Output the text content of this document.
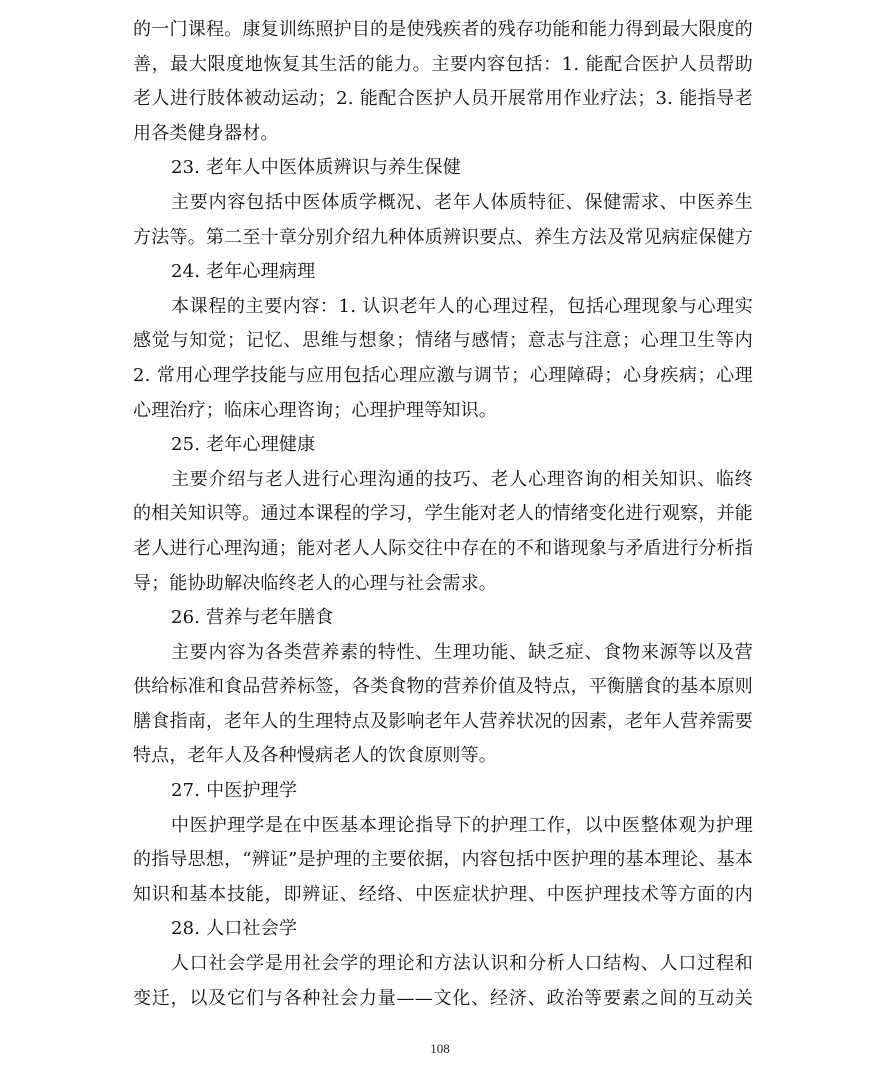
的一门课程。康复训练照护目的是使残疾者的残存功能和能力得到最大限度的
善，最大限度地恢复其生活的能力。主要内容包括：1. 能配合医护人员帮助
老人进行肢体被动运动；2. 能配合医护人员开展常用作业疗法；3. 能指导老
用各类健身器材。
23. 老年人中医体质辨识与养生保健
主要内容包括中医体质学概况、老年人体质特征、保健需求、中医养生
方法等。第二至十章分别介绍九种体质辨识要点、养生方法及常见病症保健方
24. 老年心理病理
本课程的主要内容：1. 认识老年人的心理过程，包括心理现象与心理实
感觉与知觉；记忆、思维与想象；情绪与感情；意志与注意；心理卫生等内
2. 常用心理学技能与应用包括心理应激与调节；心理障碍；心身疾病；心理
心理治疗；临床心理咨询；心理护理等知识。
25. 老年心理健康
主要介绍与老人进行心理沟通的技巧、老人心理咨询的相关知识、临终
的相关知识等。通过本课程的学习，学生能对老人的情绪变化进行观察，并能
老人进行心理沟通；能对老人人际交往中存在的不和谐现象与矛盾进行分析指
导；能协助解决临终老人的心理与社会需求。
26. 营养与老年膳食
主要内容为各类营养素的特性、生理功能、缺乏症、食物来源等以及营
供给标准和食品营养标签，各类食物的营养价值及特点，平衡膳食的基本原则
膳食指南，老年人的生理特点及影响老年人营养状况的因素，老年人营养需要
特点，老年人及各种慢病老人的饮食原则等。
27. 中医护理学
中医护理学是在中医基本理论指导下的护理工作，以中医整体观为护理
的指导思想，“辨证”是护理的主要依据，内容包括中医护理的基本理论、基本
知识和基本技能，即辨证、经络、中医症状护理、中医护理技术等方面的内
28. 人口社会学
人口社会学是用社会学的理论和方法认识和分析人口结构、人口过程和
变迁，以及它们与各种社会力量——文化、经济、政治等要素之间的互动关
108
